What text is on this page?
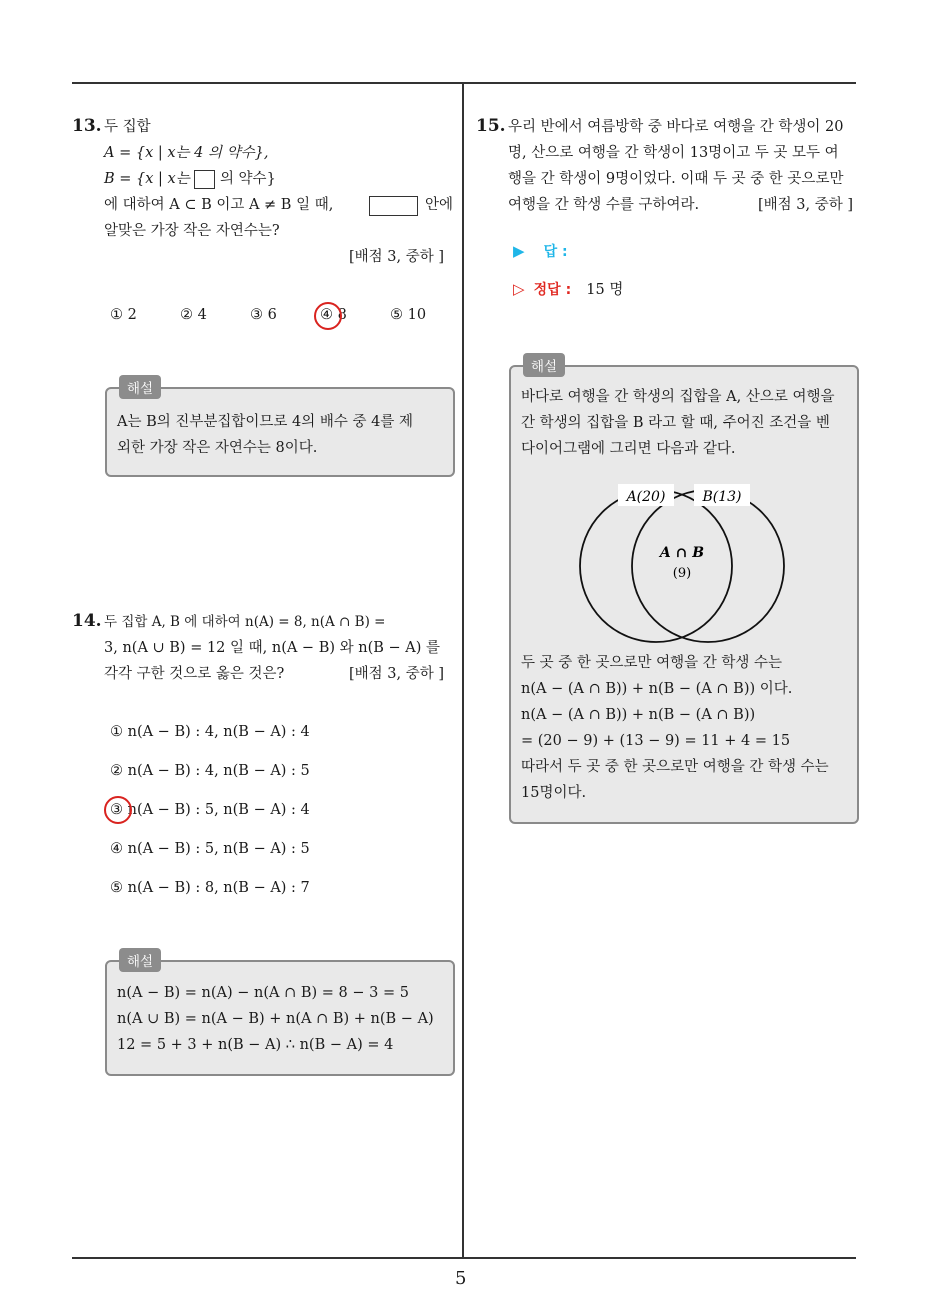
5
13. 두 집합
A = {x | x는 4 의 약수},
B = {x | x는 의 약수}
에 대하여 A ⊂ B 이고 A ≠ B 일 때,	안에
알맞은 가장 작은 자연수는?
[배점 3, 중하 ]
① 2	② 4	③ 6	④ 8	⑤ 10
해설
A는 B의 진부분집합이므로 4의 배수 중 4를 제
외한 가장 작은 자연수는 8이다.
14. 두 집합 A, B 에 대하여 n(A) = 8, n(A ∩ B) =
3, n(A ∪ B) = 12 일 때, n(A − B) 와 n(B − A) 를
각각 구한 것으로 옳은 것은?	[배점 3, 중하 ]
① n(A − B) : 4, n(B − A) : 4
② n(A − B) : 4, n(B − A) : 5
③ n(A − B) : 5, n(B − A) : 4
④ n(A − B) : 5, n(B − A) : 5
⑤ n(A − B) : 8, n(B − A) : 7
해설
n(A − B) = n(A) − n(A ∩ B) = 8 − 3 = 5
n(A ∪ B) = n(A − B) + n(A ∩ B) + n(B − A)
12 = 5 + 3 + n(B − A) ∴ n(B − A) = 4
15. 우리 반에서 여름방학 중 바다로 여행을 간 학생이 20
명, 산으로 여행을 간 학생이 13명이고 두 곳 모두 여
행을 간 학생이 9명이었다. 이때 두 곳 중 한 곳으로만
여행을 간 학생 수를 구하여라.	[배점 3, 중하 ]
▶ 답 :
▷ 정답 : 15 명
해설
바다로 여행을 간 학생의 집합을 A, 산으로 여행을
간 학생의 집합을 B 라고 할 때, 주어진 조건을 벤
다이어그램에 그리면 다음과 같다.
A(20)	B(13)
A ∩ B
(9)
두 곳 중 한 곳으로만 여행을 간 학생 수는
n(A − (A ∩ B)) + n(B − (A ∩ B)) 이다.
n(A − (A ∩ B)) + n(B − (A ∩ B))
= (20 − 9) + (13 − 9) = 11 + 4 = 15
따라서 두 곳 중 한 곳으로만 여행을 간 학생 수는
15명이다.
